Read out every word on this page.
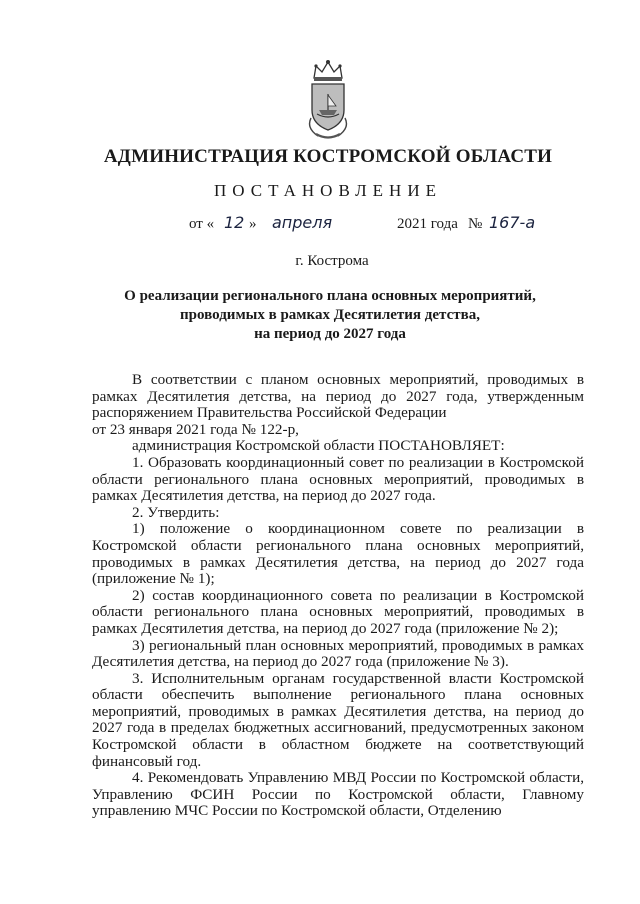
АДМИНИСТРАЦИЯ КОСТРОМСКОЙ ОБЛАСТИ
ПОСТАНОВЛЕНИЕ
от « 12 » апреля	2021 года № 167-а
г. Кострома
О реализации регионального плана основных мероприятий,
проводимых в рамках Десятилетия детства,
на период до 2027 года

В соответствии с планом основных мероприятий, проводимых в рамках Десятилетия детства, на период до 2027 года, утвержденным распоряжением Правительства Российской Федерации

от 23 января 2021 года № 122-р,

администрация Костромской области ПОСТАНОВЛЯЕТ:

1. Образовать координационный совет по реализации в Костромской области регионального плана основных мероприятий, проводимых в рамках Десятилетия детства, на период до 2027 года.

2. Утвердить:

1) положение о координационном совете по реализации в Костромской области регионального плана основных мероприятий, проводимых в рамках Десятилетия детства, на период до 2027 года (приложение № 1);

2) состав координационного совета по реализации в Костромской области регионального плана основных мероприятий, проводимых в рамках Десятилетия детства, на период до 2027 года (приложение № 2);

3) региональный план основных мероприятий, проводимых в рамках Десятилетия детства, на период до 2027 года (приложение № 3).

3. Исполнительным органам государственной власти Костромской области обеспечить выполнение регионального плана основных мероприятий, проводимых в рамках Десятилетия детства, на период до 2027 года в пределах бюджетных ассигнований, предусмотренных законом Костромской области в областном бюджете на соответствующий финансовый год.

4. Рекомендовать Управлению МВД России по Костромской области, Управлению ФСИН России по Костромской области, Главному управлению МЧС России по Костромской области, Отделению
